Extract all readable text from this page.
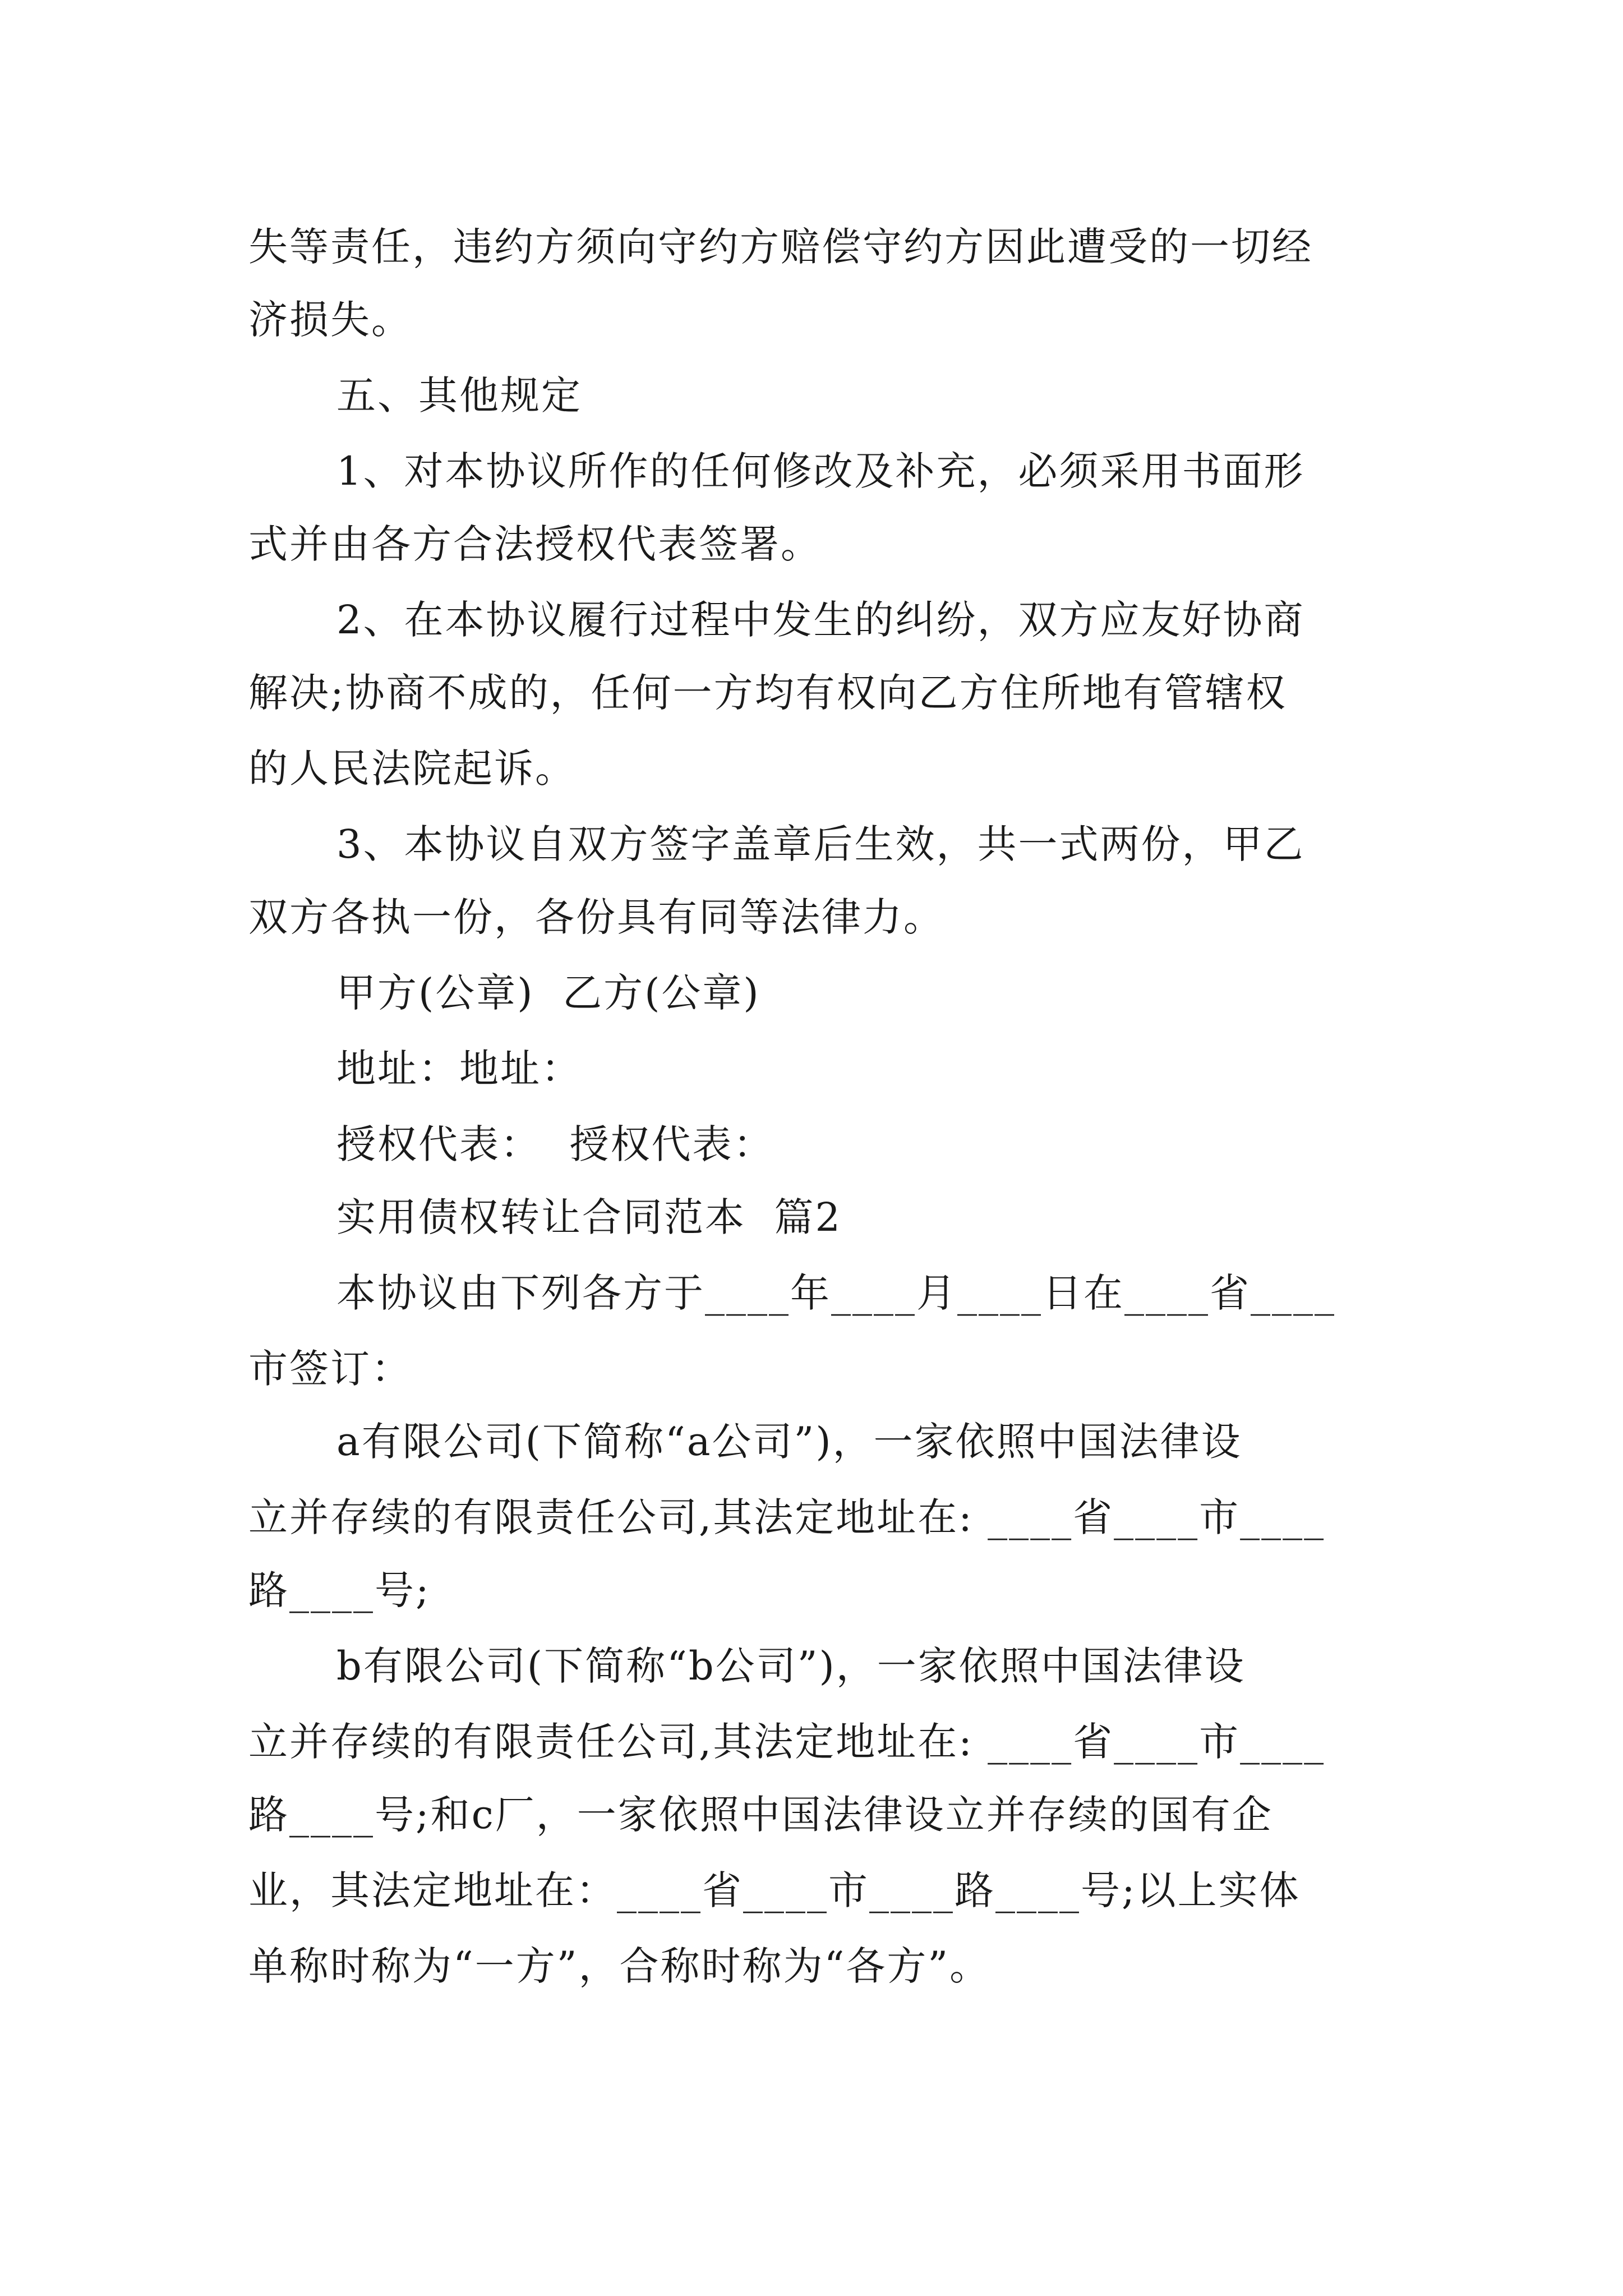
失等责任，违约方须向守约方赔偿守约方因此遭受的一切经
济损失。
五、其他规定
1、对本协议所作的任何修改及补充，必须采用书面形
式并由各方合法授权代表签署。
2、在本协议履行过程中发生的纠纷，双方应友好协商
解决;协商不成的，任何一方均有权向乙方住所地有管辖权
的人民法院起诉。
3、本协议自双方签字盖章后生效，共一式两份，甲乙
双方各执一份，各份具有同等法律力。
甲方(公章)  乙方(公章)
地址：地址：
授权代表：  授权代表：
实用债权转让合同范本  篇2
本协议由下列各方于____年____月____日在____省____
市签订：
a有限公司(下简称“a公司”)，一家依照中国法律设
立并存续的有限责任公司,其法定地址在: ____省____市____
路____号;
b有限公司(下简称“b公司”)，一家依照中国法律设
立并存续的有限责任公司,其法定地址在: ____省____市____
路____号;和c厂，一家依照中国法律设立并存续的国有企
业，其法定地址在：____省____市____路____号;以上实体
单称时称为“一方”，合称时称为“各方”。
